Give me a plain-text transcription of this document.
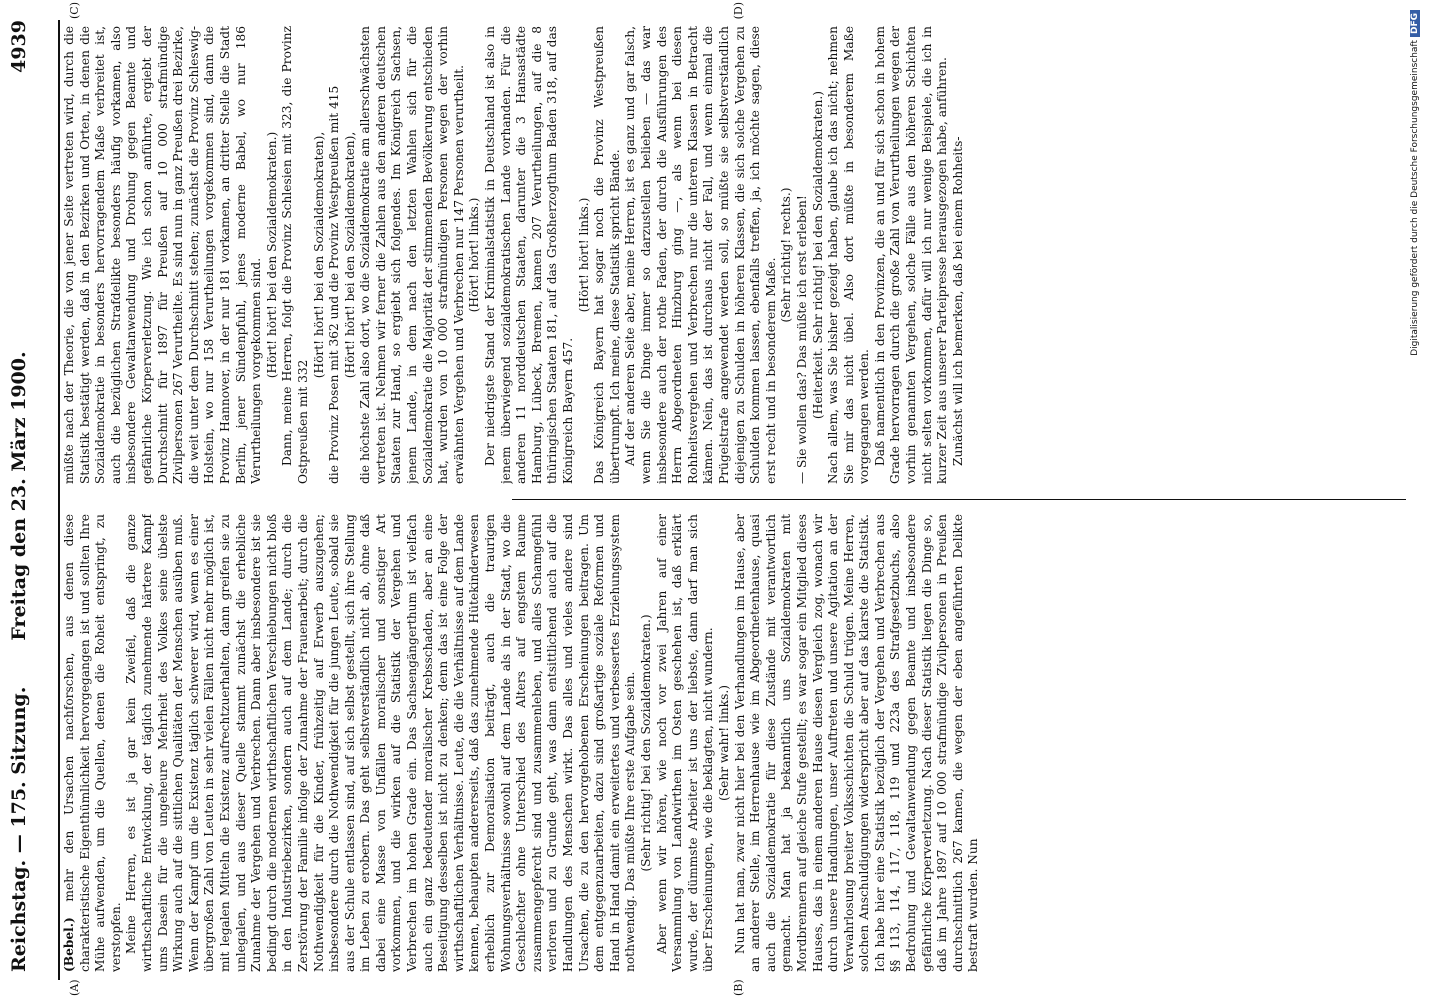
Reichstag. — 175. Sitzung.
Freitag den 23. März 1900.
4939
(A)	(B)
(C)	(D)

(Bebel.) mehr den Ursachen nachforschen, aus denen diese charakteristische Eigenthümlichkeit hervorgegangen ist und sollten Ihre Mühe aufwenden, um die Quellen, denen die Roheit entspringt, zu verstopfen. Meine Herren, es ist ja gar kein Zweifel, daß die ganze wirthschaftliche Entwicklung, der täglich zunehmende härtere Kampf ums Dasein für die ungeheure Mehrheit des Volkes seine übelste Wirkung auch auf die sittlichen Qualitäten der Menschen ausüben muß. Wenn der Kampf um die Existenz täglich schwerer wird, wenn es einer übergroßen Zahl von Leuten in sehr vielen Fällen nicht mehr möglich ist, mit legalen Mitteln die Existenz aufrechtzuerhalten, dann greifen sie zu unlegalen, und aus dieser Quelle stammt zunächst die erhebliche Zunahme der Vergehen und Verbrechen. Dann aber insbesondere ist sie bedingt durch die modernen wirthschaftlichen Verschiebungen nicht bloß in den Industriebezirken, sondern auch auf dem Lande; durch die Zerstörung der Familie infolge der Zunahme der Frauenarbeit; durch die Nothwendigkeit für die Kinder, frühzeitig auf Erwerb auszugehen; insbesondere durch die Nothwendigkeit für die jungen Leute, sobald sie aus der Schule entlassen sind, auf sich selbst gestellt, sich ihre Stellung im Leben zu erobern. Das geht selbstverständlich nicht ab, ohne daß dabei eine Masse von Unfällen moralischer und sonstiger Art vorkommen, und die wirken auf die Statistik der Vergehen und Verbrechen im hohen Grade ein. Das Sachsengängerthum ist vielfach auch ein ganz bedeutender moralischer Krebsschaden, aber an eine Beseitigung desselben ist nicht zu denken; denn das ist eine Folge der wirthschaftlichen Verhältnisse. Leute, die die Verhältnisse auf dem Lande kennen, behaupten andererseits, daß das zunehmende Hütekinderwesen erheblich zur Demoralisation beiträgt, auch die traurigen Wohnungsverhältnisse sowohl auf dem Lande als in der Stadt, wo die Geschlechter ohne Unterschied des Alters auf engstem Raume zusammengepfercht sind und zusammenleben, und alles Schamgefühl verloren und zu Grunde geht, was dann entsittlichend auch auf die Handlungen des Menschen wirkt. Das alles und vieles andere sind Ursachen, die zu den hervorgehobenen Erscheinungen beitragen. Um dem entgegenzuarbeiten, dazu sind großartige soziale Reformen und Hand in Hand damit ein erweitertes und verbessertes Erziehungssystem nothwendig. Das müßte Ihre erste Aufgabe sein. (Sehr richtig! bei den Sozialdemokraten.) Aber wenn wir hören, wie noch vor zwei Jahren auf einer Versammlung von Landwirthen im Osten geschehen ist, daß erklärt wurde, der dümmste Arbeiter ist uns der liebste, dann darf man sich über Erscheinungen, wie die beklagten, nicht wundern. (Sehr wahr! links.) Nun hat man, zwar nicht hier bei den Verhandlungen im Hause, aber an anderer Stelle, im Herrenhause wie im Abgeordnetenhause, quasi auch die Sozialdemokratie für diese Zustände mit verantwortlich gemacht. Man hat ja bekanntlich uns Sozialdemokraten mit Mordbrennern auf gleiche Stufe gestellt; es war sogar ein Mitglied dieses Hauses, das in einem anderen Hause diesen Vergleich zog, wonach wir durch unsere Handlungen, unser Auftreten und unsere Agitation an der Verwahrlosung breiter Volksschichten die Schuld trügen. Meine Herren, solchen Anschuldigungen widerspricht aber auf das klarste die Statistik. Ich habe hier eine Statistik bezüglich der Vergehen und Verbrechen aus §§ 113, 114, 117, 118, 119 und 223a des Strafgesetzbuchs, also Bedrohung und Gewaltanwendung gegen Beamte und insbesondere gefährliche Körperverletzung. Nach dieser Statistik liegen die Dinge so, daß im Jahre 1897 auf 10 000 strafmündige Zivilpersonen in Preußen durchschnittlich 267 kamen, die wegen der eben angeführten Delikte bestraft wurden. Nun

müßte nach der Theorie, die von jener Seite vertreten wird, durch die Statistik bestätigt werden, daß in den Bezirken und Orten, in denen die Sozialdemokratie in besonders hervorragendem Maße verbreitet ist, auch die bezüglichen Strafdelikte besonders häufig vorkamen, also insbesondere Gewaltanwendung und Drohung gegen Beamte und gefährliche Körperverletzung. Wie ich schon anführte, ergiebt der Durchschnitt für 1897 für Preußen auf 10 000 strafmündige Zivilpersonen 267 Verurtheilte. Es sind nun in ganz Preußen drei Bezirke, die weit unter dem Durchschnitt stehen; zunächst die Provinz Schleswig-Holstein, wo nur 158 Verurtheilungen vorgekommen sind, dann die Provinz Hannover, in der nur 181 vorkamen, an dritter Stelle die Stadt Berlin, jener Sündenpfuhl, jenes moderne Babel, wo nur 186 Verurtheilungen vorgekommen sind. (Hört! hört! bei den Sozialdemokraten.) Dann, meine Herren, folgt die Provinz Schlesien mit 323, die Provinz Ostpreußen mit 332

(Hört! hört! bei den Sozialdemokraten), die Provinz Posen mit 362 und die Provinz Westpreußen mit 415 (Hört! hört! bei den Sozialdemokraten), die höchste Zahl also dort, wo die Sozialdemokratie am allerschwächsten vertreten ist. Nehmen wir ferner die Zahlen aus den anderen deutschen Staaten zur Hand, so ergiebt sich folgendes. Im Königreich Sachsen, jenem Lande, in dem nach den letzten Wahlen sich für die Sozialdemokratie die Majorität der stimmenden Bevölkerung entschieden hat, wurden von 10 000 strafmündigen Personen wegen der vorhin erwähnten Vergehen und Verbrechen nur 147 Personen verurtheilt. (Hört! hört! links.) Der niedrigste Stand der Kriminalstatistik in Deutschland ist also in jenem überwiegend sozialdemokratischen Lande vorhanden. Für die anderen 11 norddeutschen Staaten, darunter die 3 Hansastädte Hamburg, Lübeck, Bremen, kamen 207 Verurtheilungen, auf die 8 thüringischen Staaten 181, auf das Großherzogthum Baden 318, auf das Königreich Bayern 457.

(Hört! hört! links.) Das Königreich Bayern hat sogar noch die Provinz Westpreußen übertrumpft. Ich meine, diese Statistik spricht Bände. Auf der anderen Seite aber, meine Herren, ist es ganz und gar falsch, wenn Sie die Dinge immer so darzustellen belieben — das war insbesondere auch der rothe Faden, der durch die Ausführungen des Herrn Abgeordneten Hinzburg ging —, als wenn bei diesen Rohheitsvergehen und Verbrechen nur die unteren Klassen in Betracht kämen. Nein, das ist durchaus nicht der Fall, und wenn einmal die Prügelstrafe angewendet werden soll, so müßte sie selbstverständlich diejenigen zu Schulden in höheren Klassen, die sich solche Vergehen zu Schulden kommen lassen, ebenfalls treffen, ja, ich möchte sagen, diese erst recht und in besonderem Maße.

(Sehr richtig! rechts.) — Sie wollen das? Das müßte ich erst erleben! (Heiterkeit. Sehr richtig! bei den Sozialdemokraten.) Nach allem, was Sie bisher gezeigt haben, glaube ich das nicht; nehmen Sie mir das nicht übel. Also dort müßte in besonderem Maße vorgegangen werden. Daß namentlich in den Provinzen, die an und für sich schon in hohem Grade hervorragen durch die große Zahl von Verurtheilungen wegen der vorhin genannten Vergehen, solche Fälle aus den höheren Schichten nicht selten vorkommen, dafür will ich nur wenige Beispiele, die ich in kurzer Zeit aus unserer Parteipresse herausgezogen habe, anführen. Zunächst will ich bemerken, daß bei einem Rohheits-	Digitalisierung gefördert durch die Deutsche ForschungsgemeinschaftDFG
